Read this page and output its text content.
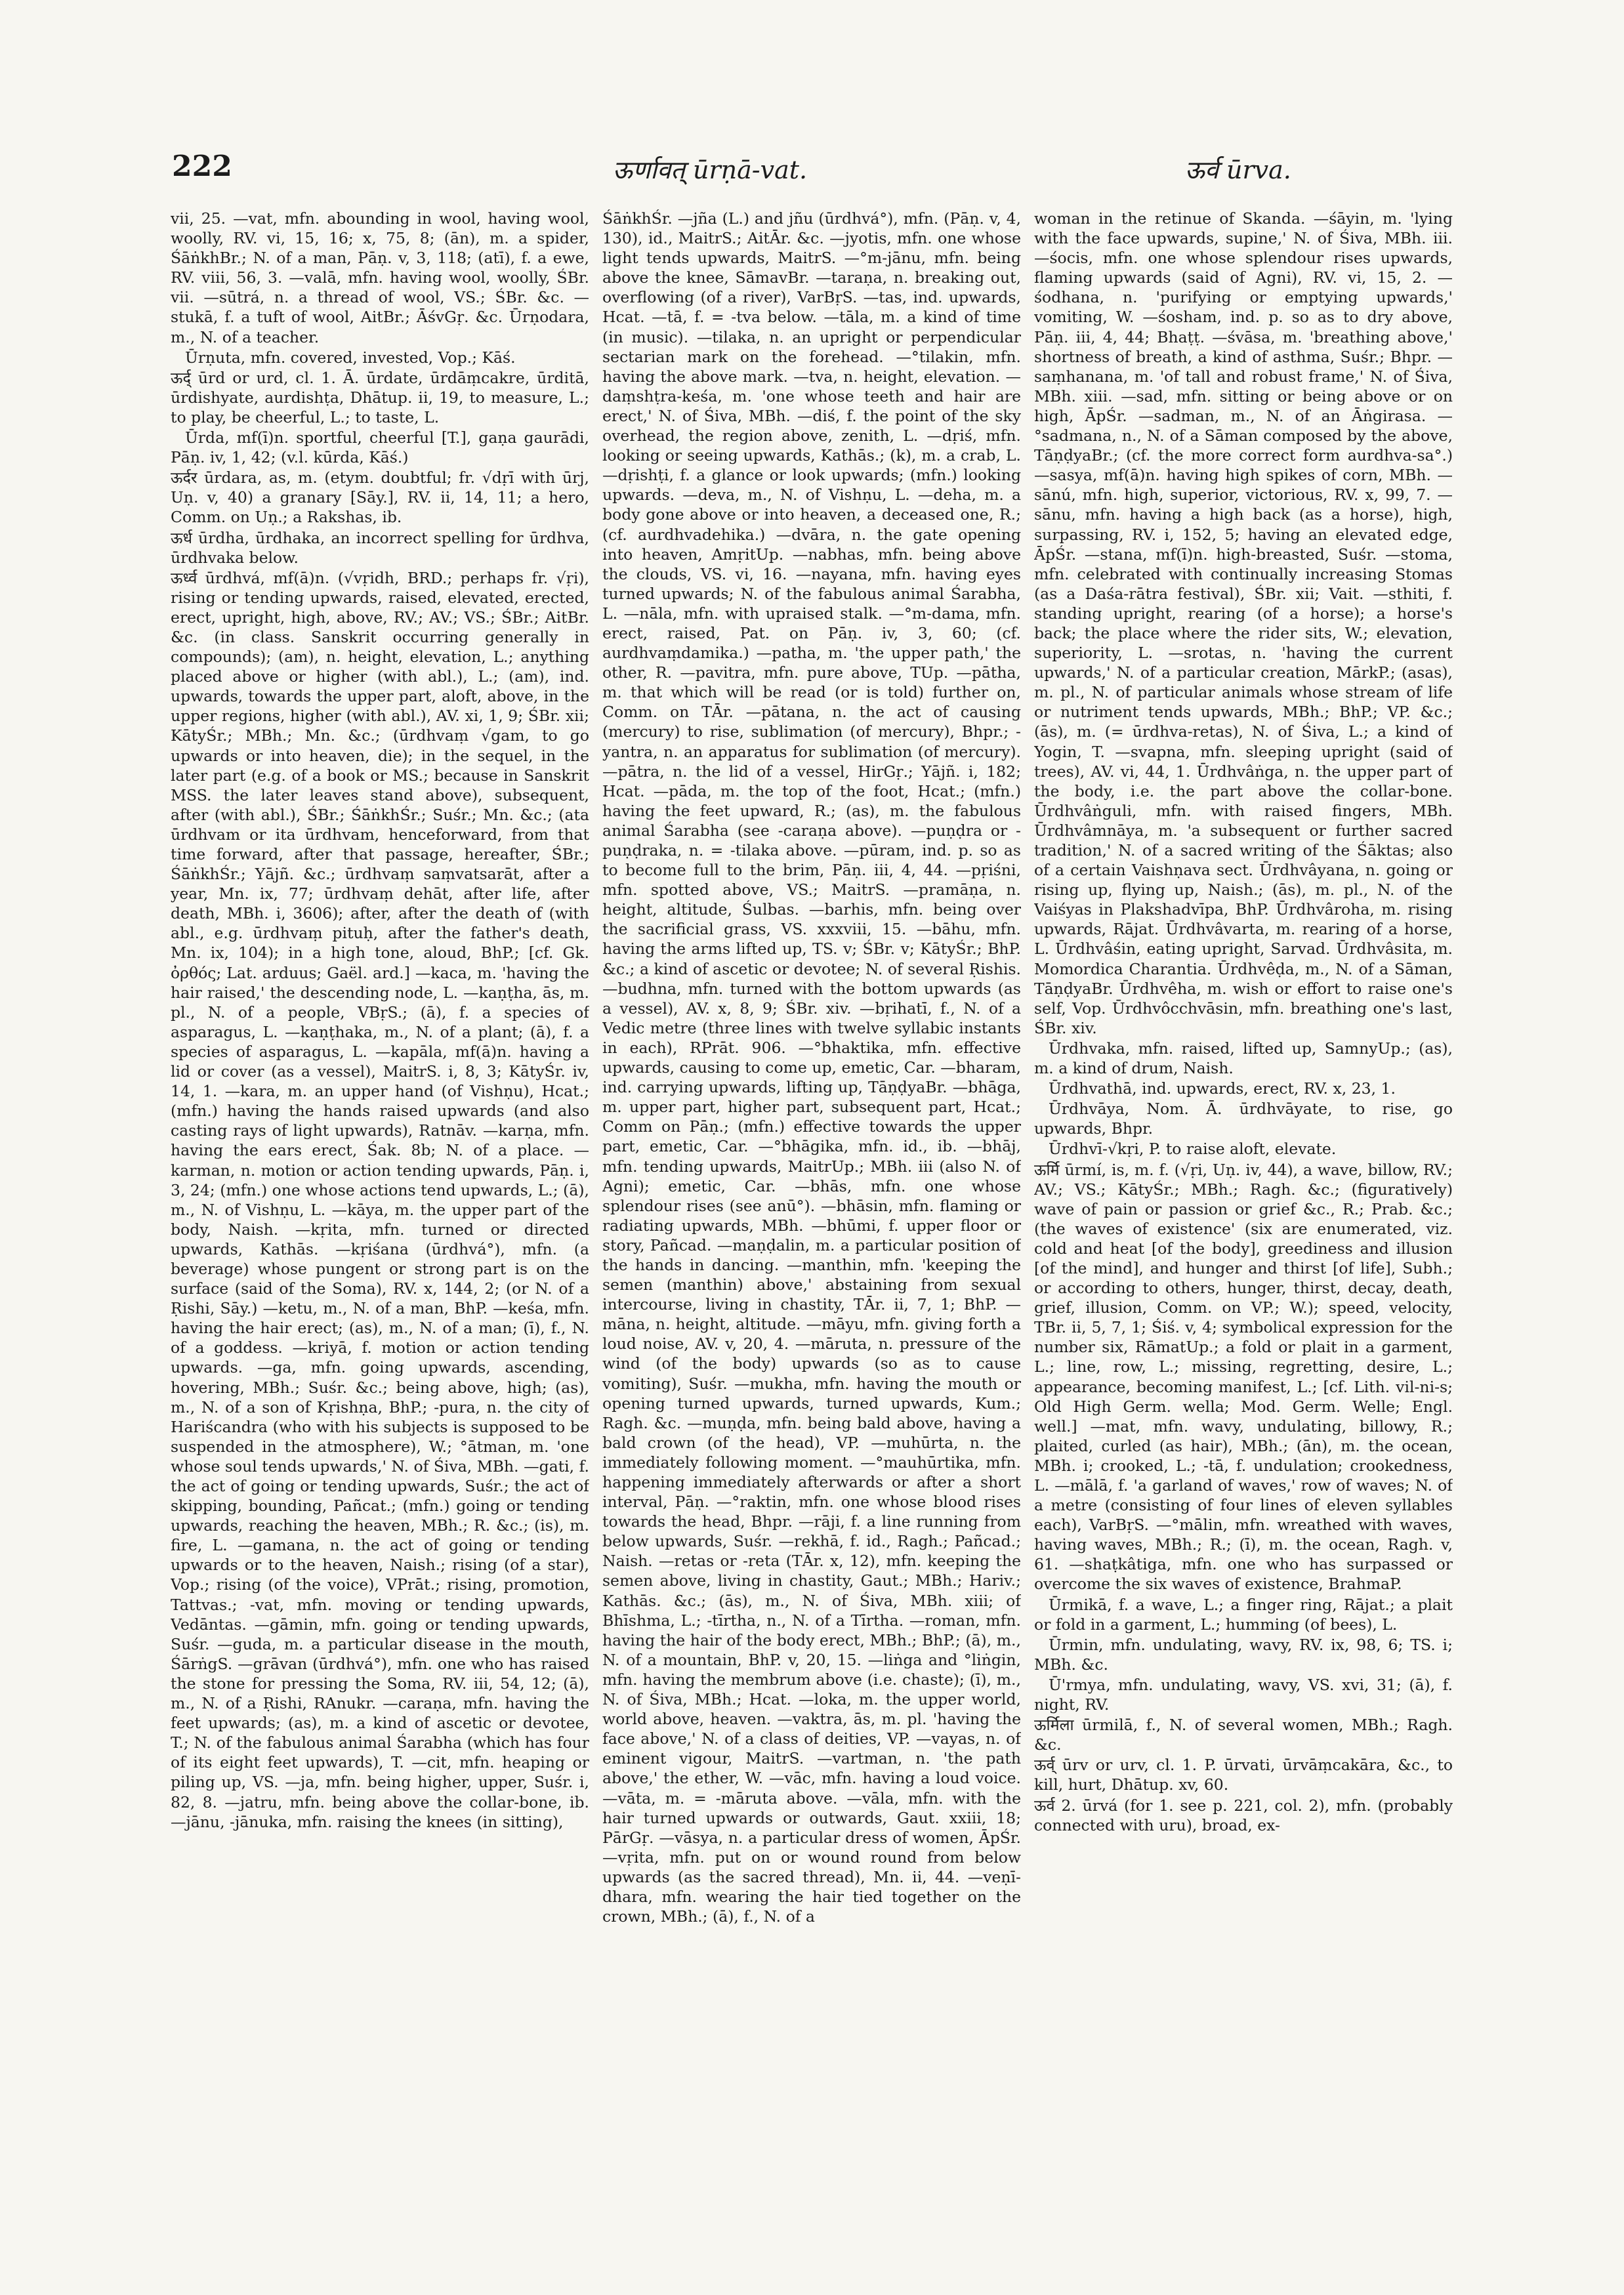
222	ऊर्णावत् ūrṇā-vat.	ऊर्व ūrva.

vii, 25. —vat, mfn. abounding in wool, having wool, woolly, RV. vi, 15, 16; x, 75, 8; (ān), m. a spider, ŚāṅkhBr.; N. of a man, Pāṇ. v, 3, 118; (atī), f. a ewe, RV. viii, 56, 3. —valā, mfn. having wool, woolly, ŚBr. vii. —sūtrá, n. a thread of wool, VS.; ŚBr. &c. —stukā, f. a tuft of wool, AitBr.; ĀśvGṛ. &c. Ūrṇodara, m., N. of a teacher.

Ūrṇuta, mfn. covered, invested, Vop.; Kāś.

ऊर्द् ūrd or urd, cl. 1. Ā. ūrdate, ūrdāṃcakre, ūrditā, ūrdishyate, aurdishṭa, Dhātup. ii, 19, to measure, L.; to play, be cheerful, L.; to taste, L.

Ūrda, mf(ī)n. sportful, cheerful [T.], gaṇa gaurādi, Pāṇ. iv, 1, 42; (v.l. kūrda, Kāś.)

ऊर्दर ūrdara, as, m. (etym. doubtful; fr. √dṛī with ūrj, Uṇ. v, 40) a granary [Sāy.], RV. ii, 14, 11; a hero, Comm. on Uṇ.; a Rakshas, ib.

ऊर्ध ūrdha, ūrdhaka, an incorrect spelling for ūrdhva, ūrdhvaka below.

ऊर्ध्व ūrdhvá, mf(ā)n. (√vṛidh, BRD.; perhaps fr. √ṛi), rising or tending upwards, raised, elevated, erected, erect, upright, high, above, RV.; AV.; VS.; ŚBr.; AitBr. &c. (in class. Sanskrit occurring generally in compounds); (am), n. height, elevation, L.; anything placed above or higher (with abl.), L.; (am), ind. upwards, towards the upper part, aloft, above, in the upper regions, higher (with abl.), AV. xi, 1, 9; ŚBr. xii; KātyŚr.; MBh.; Mn. &c.; (ūrdhvaṃ √gam, to go upwards or into heaven, die); in the sequel, in the later part (e.g. of a book or MS.; because in Sanskrit MSS. the later leaves stand above), subsequent, after (with abl.), ŚBr.; ŚāṅkhŚr.; Suśr.; Mn. &c.; (ata ūrdhvam or ita ūrdhvam, henceforward, from that time forward, after that passage, hereafter, ŚBr.; ŚāṅkhŚr.; Yājñ. &c.; ūrdhvaṃ saṃvatsarāt, after a year, Mn. ix, 77; ūrdhvaṃ dehāt, after life, after death, MBh. i, 3606); after, after the death of (with abl., e.g. ūrdhvaṃ pituḥ, after the father's death, Mn. ix, 104); in a high tone, aloud, BhP.; [cf. Gk. ὀρθός; Lat. arduus; Gaël. ard.] —kaca, m. 'having the hair raised,' the descending node, L. —kaṇṭha, ās, m. pl., N. of a people, VBṛS.; (ā), f. a species of asparagus, L. —kaṇṭhaka, m., N. of a plant; (ā), f. a species of asparagus, L. —kapāla, mf(ā)n. having a lid or cover (as a vessel), MaitrS. i, 8, 3; KātyŚr. iv, 14, 1. —kara, m. an upper hand (of Vishṇu), Hcat.; (mfn.) having the hands raised upwards (and also casting rays of light upwards), Ratnāv. —karṇa, mfn. having the ears erect, Śak. 8b; N. of a place. —karman, n. motion or action tending upwards, Pāṇ. i, 3, 24; (mfn.) one whose actions tend upwards, L.; (ā), m., N. of Vishṇu, L. —kāya, m. the upper part of the body, Naish. —kṛita, mfn. turned or directed upwards, Kathās. —kṛiśana (ūrdhvá°), mfn. (a beverage) whose pungent or strong part is on the surface (said of the Soma), RV. x, 144, 2; (or N. of a Ṛishi, Sāy.) —ketu, m., N. of a man, BhP. —keśa, mfn. having the hair erect; (as), m., N. of a man; (ī), f., N. of a goddess. —kriyā, f. motion or action tending upwards. —ga, mfn. going upwards, ascending, hovering, MBh.; Suśr. &c.; being above, high; (as), m., N. of a son of Kṛishṇa, BhP.; -pura, n. the city of Hariścandra (who with his subjects is supposed to be suspended in the atmosphere), W.; °ātman, m. 'one whose soul tends upwards,' N. of Śiva, MBh. —gati, f. the act of going or tending upwards, Suśr.; the act of skipping, bounding, Pañcat.; (mfn.) going or tending upwards, reaching the heaven, MBh.; R. &c.; (is), m. fire, L. —gamana, n. the act of going or tending upwards or to the heaven, Naish.; rising (of a star), Vop.; rising (of the voice), VPrāt.; rising, promotion, Tattvas.; -vat, mfn. moving or tending upwards, Vedāntas. —gāmin, mfn. going or tending upwards, Suśr. —guda, m. a particular disease in the mouth, ŚārṅgS. —grāvan (ūrdhvá°), mfn. one who has raised the stone for pressing the Soma, RV. iii, 54, 12; (ā), m., N. of a Ṛishi, RAnukr. —caraṇa, mfn. having the feet upwards; (as), m. a kind of ascetic or devotee, T.; N. of the fabulous animal Śarabha (which has four of its eight feet upwards), T. —cit, mfn. heaping or piling up, VS. —ja, mfn. being higher, upper, Suśr. i, 82, 8. —jatru, mfn. being above the collar-bone, ib. —jānu, -jānuka, mfn. raising the knees (in sitting),

ŚāṅkhŚr. —jña (L.) and jñu (ūrdhvá°), mfn. (Pāṇ. v, 4, 130), id., MaitrS.; AitĀr. &c. —jyotis, mfn. one whose light tends upwards, MaitrS. —°m-jānu, mfn. being above the knee, SāmavBr. —taraṇa, n. breaking out, overflowing (of a river), VarBṛS. —tas, ind. upwards, Hcat. —tā, f. = -tva below. —tāla, m. a kind of time (in music). —tilaka, n. an upright or perpendicular sectarian mark on the forehead. —°tilakin, mfn. having the above mark. —tva, n. height, elevation. —daṃshṭra-keśa, m. 'one whose teeth and hair are erect,' N. of Śiva, MBh. —diś, f. the point of the sky overhead, the region above, zenith, L. —dṛiś, mfn. looking or seeing upwards, Kathās.; (k), m. a crab, L. —dṛishṭi, f. a glance or look upwards; (mfn.) looking upwards. —deva, m., N. of Vishṇu, L. —deha, m. a body gone above or into heaven, a deceased one, R.; (cf. aurdhvadehika.) —dvāra, n. the gate opening into heaven, AmṛitUp. —nabhas, mfn. being above the clouds, VS. vi, 16. —nayana, mfn. having eyes turned upwards; N. of the fabulous animal Śarabha, L. —nāla, mfn. with upraised stalk. —°m-dama, mfn. erect, raised, Pat. on Pāṇ. iv, 3, 60; (cf. aurdhvaṃdamika.) —patha, m. 'the upper path,' the other, R. —pavitra, mfn. pure above, TUp. —pātha, m. that which will be read (or is told) further on, Comm. on TĀr. —pātana, n. the act of causing (mercury) to rise, sublimation (of mercury), Bhpr.; -yantra, n. an apparatus for sublimation (of mercury). —pātra, n. the lid of a vessel, HirGṛ.; Yājñ. i, 182; Hcat. —pāda, m. the top of the foot, Hcat.; (mfn.) having the feet upward, R.; (as), m. the fabulous animal Śarabha (see -caraṇa above). —puṇḍra or -puṇḍraka, n. = -tilaka above. —pūram, ind. p. so as to become full to the brim, Pāṇ. iii, 4, 44. —pṛiśni, mfn. spotted above, VS.; MaitrS. —pramāṇa, n. height, altitude, Śulbas. —barhis, mfn. being over the sacrificial grass, VS. xxxviii, 15. —bāhu, mfn. having the arms lifted up, TS. v; ŚBr. v; KātyŚr.; BhP. &c.; a kind of ascetic or devotee; N. of several Ṛishis. —budhna, mfn. turned with the bottom upwards (as a vessel), AV. x, 8, 9; ŚBr. xiv. —bṛihatī, f., N. of a Vedic metre (three lines with twelve syllabic instants in each), RPrāt. 906. —°bhaktika, mfn. effective upwards, causing to come up, emetic, Car. —bharam, ind. carrying upwards, lifting up, TāṇḍyaBr. —bhāga, m. upper part, higher part, subsequent part, Hcat.; Comm on Pāṇ.; (mfn.) effective towards the upper part, emetic, Car. —°bhāgika, mfn. id., ib. —bhāj, mfn. tending upwards, MaitrUp.; MBh. iii (also N. of Agni); emetic, Car. —bhās, mfn. one whose splendour rises (see anū°). —bhāsin, mfn. flaming or radiating upwards, MBh. —bhūmi, f. upper floor or story, Pañcad. —maṇḍalin, m. a particular position of the hands in dancing. —manthin, mfn. 'keeping the semen (manthin) above,' abstaining from sexual intercourse, living in chastity, TĀr. ii, 7, 1; BhP. —māna, n. height, altitude. —māyu, mfn. giving forth a loud noise, AV. v, 20, 4. —māruta, n. pressure of the wind (of the body) upwards (so as to cause vomiting), Suśr. —mukha, mfn. having the mouth or opening turned upwards, turned upwards, Kum.; Ragh. &c. —muṇḍa, mfn. being bald above, having a bald crown (of the head), VP. —muhūrta, n. the immediately following moment. —°mauhūrtika, mfn. happening immediately afterwards or after a short interval, Pāṇ. —°raktin, mfn. one whose blood rises towards the head, Bhpr. —rāji, f. a line running from below upwards, Suśr. —rekhā, f. id., Ragh.; Pañcad.; Naish. —retas or -reta (TĀr. x, 12), mfn. keeping the semen above, living in chastity, Gaut.; MBh.; Hariv.; Kathās. &c.; (ās), m., N. of Śiva, MBh. xiii; of Bhīshma, L.; -tīrtha, n., N. of a Tīrtha. —roman, mfn. having the hair of the body erect, MBh.; BhP.; (ā), m., N. of a mountain, BhP. v, 20, 15. —liṅga and °liṅgin, mfn. having the membrum above (i.e. chaste); (ī), m., N. of Śiva, MBh.; Hcat. —loka, m. the upper world, world above, heaven. —vaktra, ās, m. pl. 'having the face above,' N. of a class of deities, VP. —vayas, n. of eminent vigour, MaitrS. —vartman, n. 'the path above,' the ether, W. —vāc, mfn. having a loud voice. —vāta, m. = -māruta above. —vāla, mfn. with the hair turned upwards or outwards, Gaut. xxiii, 18; PārGṛ. —vāsya, n. a particular dress of women, ĀpŚr. —vṛita, mfn. put on or wound round from below upwards (as the sacred thread), Mn. ii, 44. —veṇī-dhara, mfn. wearing the hair tied together on the crown, MBh.; (ā), f., N. of a

woman in the retinue of Skanda. —śāyin, m. 'lying with the face upwards, supine,' N. of Śiva, MBh. iii. —śocis, mfn. one whose splendour rises upwards, flaming upwards (said of Agni), RV. vi, 15, 2. —śodhana, n. 'purifying or emptying upwards,' vomiting, W. —śosham, ind. p. so as to dry above, Pāṇ. iii, 4, 44; Bhaṭṭ. —śvāsa, m. 'breathing above,' shortness of breath, a kind of asthma, Suśr.; Bhpr. —saṃhanana, m. 'of tall and robust frame,' N. of Śiva, MBh. xiii. —sad, mfn. sitting or being above or on high, ĀpŚr. —sadman, m., N. of an Āṅgirasa. —°sadmana, n., N. of a Sāman composed by the above, TāṇḍyaBr.; (cf. the more correct form aurdhva-sa°.) —sasya, mf(ā)n. having high spikes of corn, MBh. —sānú, mfn. high, superior, victorious, RV. x, 99, 7. —sānu, mfn. having a high back (as a horse), high, surpassing, RV. i, 152, 5; having an elevated edge, ĀpŚr. —stana, mf(ī)n. high-breasted, Suśr. —stoma, mfn. celebrated with continually increasing Stomas (as a Daśa-rātra festival), ŚBr. xii; Vait. —sthiti, f. standing upright, rearing (of a horse); a horse's back; the place where the rider sits, W.; elevation, superiority, L. —srotas, n. 'having the current upwards,' N. of a particular creation, MārkP.; (asas), m. pl., N. of particular animals whose stream of life or nutriment tends upwards, MBh.; BhP.; VP. &c.; (ās), m. (= ūrdhva-retas), N. of Śiva, L.; a kind of Yogin, T. —svapna, mfn. sleeping upright (said of trees), AV. vi, 44, 1. Ūrdhvâṅga, n. the upper part of the body, i.e. the part above the collar-bone. Ūrdhvâṅguli, mfn. with raised fingers, MBh. Ūrdhvâmnāya, m. 'a subsequent or further sacred tradition,' N. of a sacred writing of the Śāktas; also of a certain Vaishṇava sect. Ūrdhvâyana, n. going or rising up, flying up, Naish.; (ās), m. pl., N. of the Vaiśyas in Plakshadvīpa, BhP. Ūrdhvâroha, m. rising upwards, Rājat. Ūrdhvâvarta, m. rearing of a horse, L. Ūrdhvâśin, eating upright, Sarvad. Ūrdhvâsita, m. Momordica Charantia. Ūrdhvêḍa, m., N. of a Sāman, TāṇḍyaBr. Ūrdhvêha, m. wish or effort to raise one's self, Vop. Ūrdhvôcchvāsin, mfn. breathing one's last, ŚBr. xiv.

Ūrdhvaka, mfn. raised, lifted up, SamnyUp.; (as), m. a kind of drum, Naish.

Ūrdhvathā, ind. upwards, erect, RV. x, 23, 1.

Ūrdhvāya, Nom. Ā. ūrdhvāyate, to rise, go upwards, Bhpr.

Ūrdhvī-√kṛi, P. to raise aloft, elevate.

ऊर्मि ūrmí, is, m. f. (√ṛi, Uṇ. iv, 44), a wave, billow, RV.; AV.; VS.; KātyŚr.; MBh.; Ragh. &c.; (figuratively) wave of pain or passion or grief &c., R.; Prab. &c.; (the waves of existence' (six are enumerated, viz. cold and heat [of the body], greediness and illusion [of the mind], and hunger and thirst [of life], Subh.; or according to others, hunger, thirst, decay, death, grief, illusion, Comm. on VP.; W.); speed, velocity, TBr. ii, 5, 7, 1; Śiś. v, 4; symbolical expression for the number six, RāmatUp.; a fold or plait in a garment, L.; line, row, L.; missing, regretting, desire, L.; appearance, becoming manifest, L.; [cf. Lith. vil-ni-s; Old High Germ. wella; Mod. Germ. Welle; Engl. well.] —mat, mfn. wavy, undulating, billowy, R.; plaited, curled (as hair), MBh.; (ān), m. the ocean, MBh. i; crooked, L.; -tā, f. undulation; crookedness, L. —mālā, f. 'a garland of waves,' row of waves; N. of a metre (consisting of four lines of eleven syllables each), VarBṛS. —°mālin, mfn. wreathed with waves, having waves, MBh.; R.; (ī), m. the ocean, Ragh. v, 61. —shaṭkâtiga, mfn. one who has surpassed or overcome the six waves of existence, BrahmaP.

Ūrmikā, f. a wave, L.; a finger ring, Rājat.; a plait or fold in a garment, L.; humming (of bees), L.

Ūrmin, mfn. undulating, wavy, RV. ix, 98, 6; TS. i; MBh. &c.

Ū'rmya, mfn. undulating, wavy, VS. xvi, 31; (ā), f. night, RV.

ऊर्मिला ūrmilā, f., N. of several women, MBh.; Ragh. &c.

ऊर्व् ūrv or urv, cl. 1. P. ūrvati, ūrvāṃcakāra, &c., to kill, hurt, Dhātup. xv, 60.

ऊर्व 2. ūrvá (for 1. see p. 221, col. 2), mfn. (probably connected with uru), broad, ex-
